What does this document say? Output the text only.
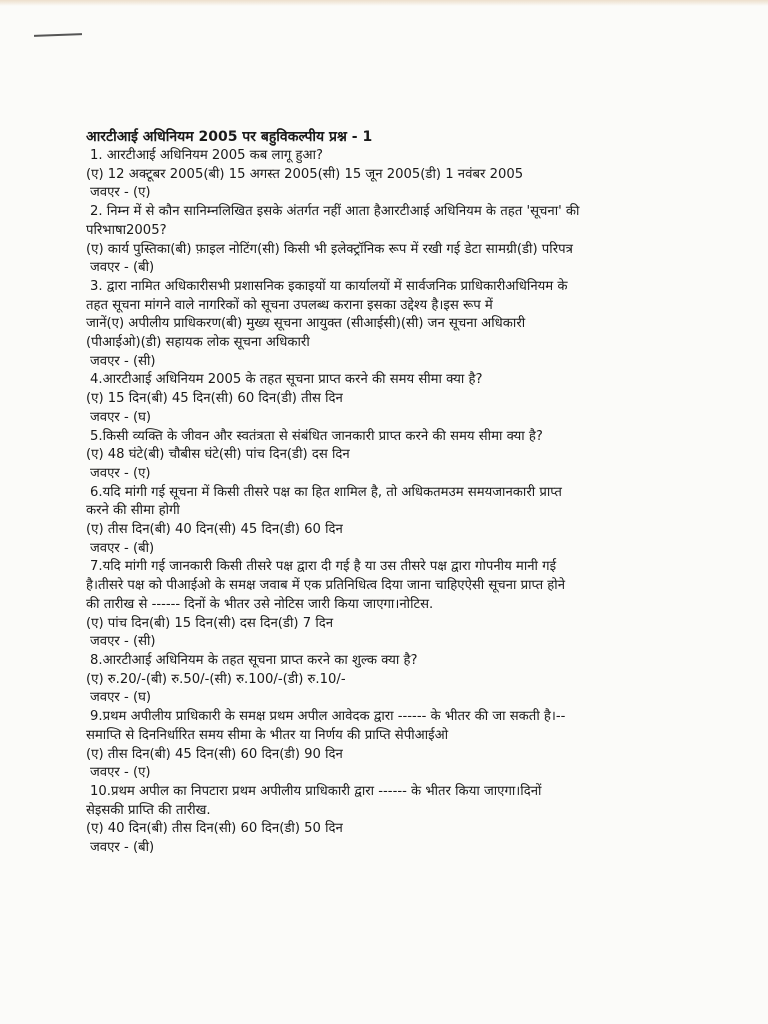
आरटीआई अधिनियम 2005 पर बहुविकल्पीय प्रश्न - 1

1. आरटीआई अधिनियम 2005 कब लागू हुआ?

(ए) 12 अक्टूबर 2005(बी) 15 अगस्त 2005(सी) 15 जून 2005(डी) 1 नवंबर 2005

जवएर - (ए)

2. निम्न में से कौन सानिम्नलिखित इसके अंतर्गत नहीं आता हैआरटीआई अधिनियम के तहत 'सूचना' की

परिभाषा2005?

(ए) कार्य पुस्तिका(बी) फ़ाइल नोटिंग(सी) किसी भी इलेक्ट्रॉनिक रूप में रखी गई डेटा सामग्री(डी) परिपत्र

जवएर - (बी)

3. द्वारा नामित अधिकारीसभी प्रशासनिक इकाइयों या कार्यालयों में सार्वजनिक प्राधिकारीअधिनियम के

तहत सूचना मांगने वाले नागरिकों को सूचना उपलब्ध कराना इसका उद्देश्य है।इस रूप में

जानें(ए) अपीलीय प्राधिकरण(बी) मुख्य सूचना आयुक्त (सीआईसी)(सी) जन सूचना अधिकारी

(पीआईओ)(डी) सहायक लोक सूचना अधिकारी

जवएर - (सी)

4.आरटीआई अधिनियम 2005 के तहत सूचना प्राप्त करने की समय सीमा क्या है?

(ए) 15 दिन(बी) 45 दिन(सी) 60 दिन(डी) तीस दिन

जवएर - (घ)

5.किसी व्यक्ति के जीवन और स्वतंत्रता से संबंधित जानकारी प्राप्त करने की समय सीमा क्या है?

(ए) 48 घंटे(बी) चौबीस घंटे(सी) पांच दिन(डी) दस दिन

जवएर - (ए)

6.यदि मांगी गई सूचना में किसी तीसरे पक्ष का हित शामिल है, तो अधिकतमउम समयजानकारी प्राप्त

करने की सीमा होगी

(ए) तीस दिन(बी) 40 दिन(सी) 45 दिन(डी) 60 दिन

जवएर - (बी)

7.यदि मांगी गई जानकारी किसी तीसरे पक्ष द्वारा दी गई है या उस तीसरे पक्ष द्वारा गोपनीय मानी गई

है।तीसरे पक्ष को पीआईओ के समक्ष जवाब में एक प्रतिनिधित्व दिया जाना चाहिएऐसी सूचना प्राप्त होने

की तारीख से ------ दिनों के भीतर उसे नोटिस जारी किया जाएगा।नोटिस.

(ए) पांच दिन(बी) 15 दिन(सी) दस दिन(डी) 7 दिन

जवएर - (सी)

8.आरटीआई अधिनियम के तहत सूचना प्राप्त करने का शुल्क क्या है?

(ए) रु.20/-(बी) रु.50/-(सी) रु.100/-(डी) रु.10/-

जवएर - (घ)

9.प्रथम अपीलीय प्राधिकारी के समक्ष प्रथम अपील आवेदक द्वारा ------ के भीतर की जा सकती है।--

समाप्ति से दिननिर्धारित समय सीमा के भीतर या निर्णय की प्राप्ति सेपीआईओ

(ए) तीस दिन(बी) 45 दिन(सी) 60 दिन(डी) 90 दिन

जवएर - (ए)

10.प्रथम अपील का निपटारा प्रथम अपीलीय प्राधिकारी द्वारा ------ के भीतर किया जाएगा।दिनों

सेइसकी प्राप्ति की तारीख.

(ए) 40 दिन(बी) तीस दिन(सी) 60 दिन(डी) 50 दिन

जवएर - (बी)
